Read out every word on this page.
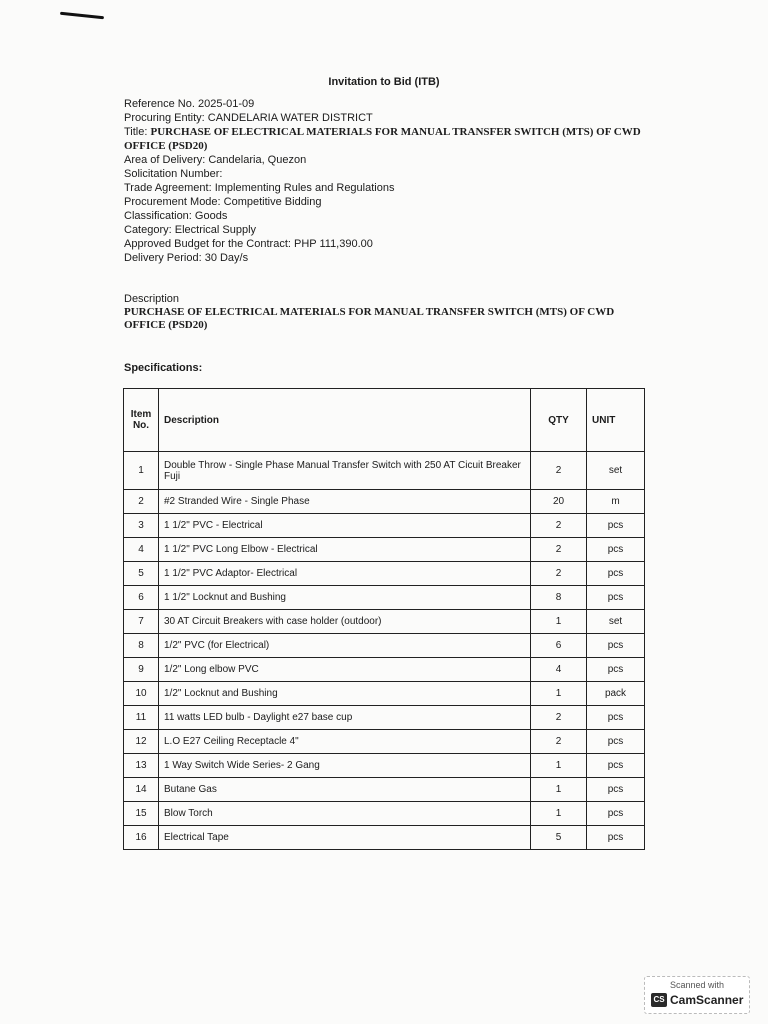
Invitation to Bid (ITB)
Reference No. 2025-01-09
Procuring Entity: CANDELARIA WATER DISTRICT
Title: PURCHASE OF ELECTRICAL MATERIALS FOR MANUAL TRANSFER SWITCH (MTS) OF CWD OFFICE (PSD20)
Area of Delivery: Candelaria, Quezon
Solicitation Number:
Trade Agreement: Implementing Rules and Regulations
Procurement Mode: Competitive Bidding
Classification: Goods
Category: Electrical Supply
Approved Budget for the Contract: PHP 111,390.00
Delivery Period: 30 Day/s
Description
PURCHASE OF ELECTRICAL MATERIALS FOR MANUAL TRANSFER SWITCH (MTS) OF CWD OFFICE (PSD20)
Specifications:
Item No.	Description	QTY	UNIT
1	Double Throw - Single Phase Manual Transfer Switch with 250 AT Cicuit Breaker Fuji	2	set
2	#2 Stranded Wire - Single Phase	20	m
3	1 1/2" PVC - Electrical	2	pcs
4	1 1/2" PVC Long Elbow - Electrical	2	pcs
5	1 1/2" PVC Adaptor- Electrical	2	pcs
6	1 1/2" Locknut and Bushing	8	pcs
7	30 AT Circuit Breakers with case holder (outdoor)	1	set
8	1/2" PVC (for Electrical)	6	pcs
9	1/2" Long elbow PVC	4	pcs
10	1/2" Locknut and Bushing	1	pack
11	11 watts LED bulb - Daylight e27 base cup	2	pcs
12	L.O E27 Ceiling Receptacle 4"	2	pcs
13	1 Way Switch Wide Series- 2 Gang	1	pcs
14	Butane Gas	1	pcs
15	Blow Torch	1	pcs
16	Electrical Tape	5	pcs
Scanned with
CS CamScanner
